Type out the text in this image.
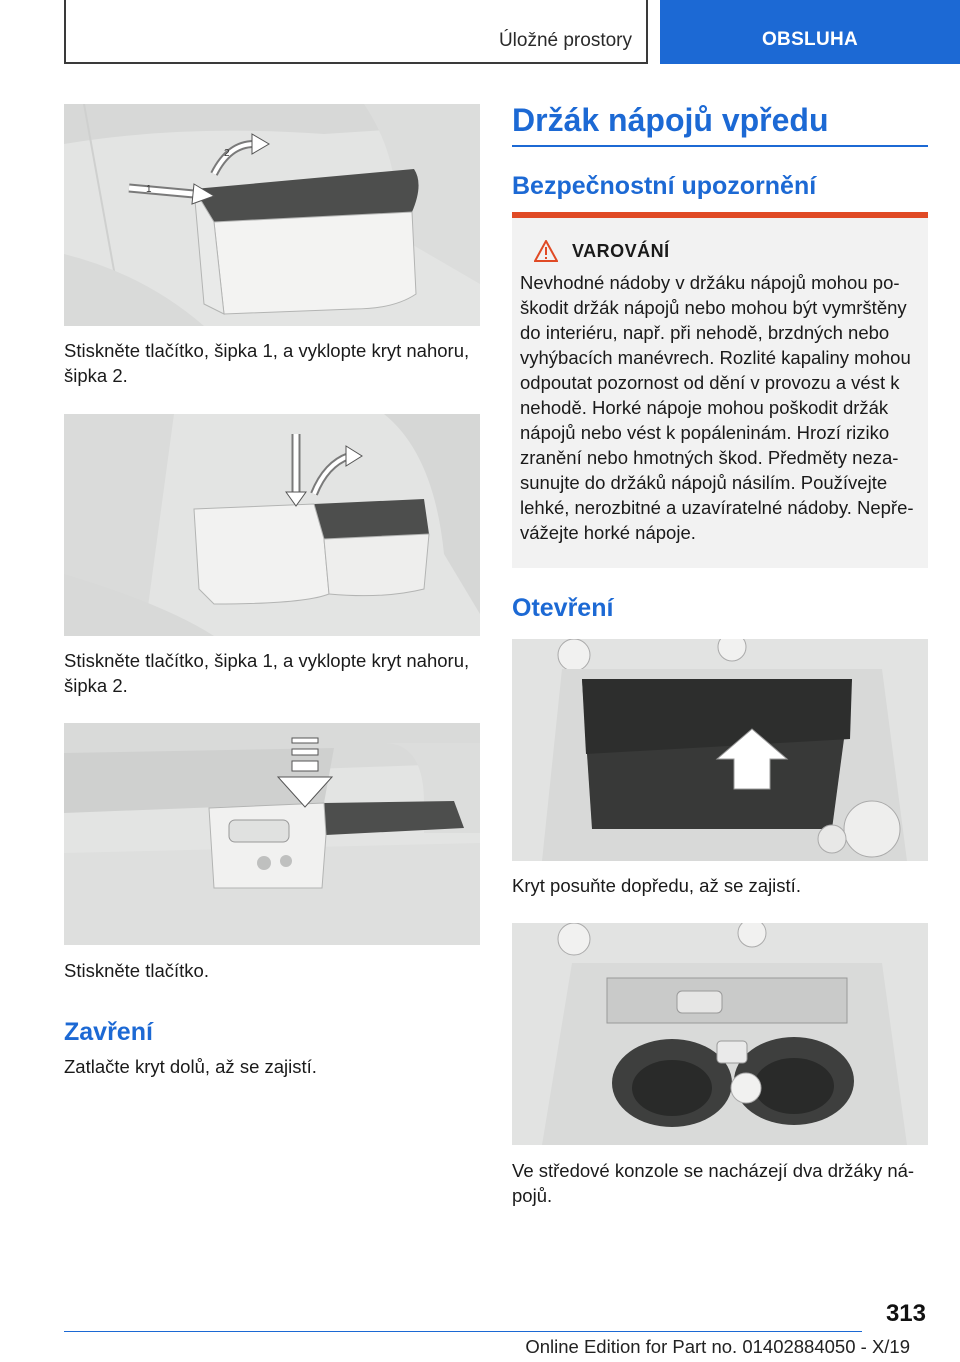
Úložné prostory	OBSLUHA
1
2
Stiskněte tlačítko, šipka 1, a vyklopte kryt nahoru, šipka 2.
Stiskněte tlačítko, šipka 1, a vyklopte kryt nahoru, šipka 2.
Stiskněte tlačítko.
Zavření
Zatlačte kryt dolů, až se zajistí.
Držák nápojů vpředu
Bezpečnostní upozornění
VAROVÁNÍ
Nevhodné nádoby v držáku nápojů mohou po-škodit držák nápojů nebo mohou být vymrštěny do interiéru, např. při nehodě, brzdných nebo vyhýbacích manévrech. Rozlité kapaliny mohou odpoutat pozornost od dění v provozu a vést k nehodě. Horké nápoje mohou poškodit držák nápojů nebo vést k popáleninám. Hrozí riziko zranění nebo hmotných škod. Předměty neza-sunujte do držáků nápojů násilím. Používejte lehké, nerozbitné a uzavíratelné nádoby. Nepře-vážejte horké nápoje.
Otevření
Kryt posuňte dopředu, až se zajistí.
Ve středové konzole se nacházejí dva držáky ná-pojů.
313
Online Edition for Part no. 01402884050 - X/19
